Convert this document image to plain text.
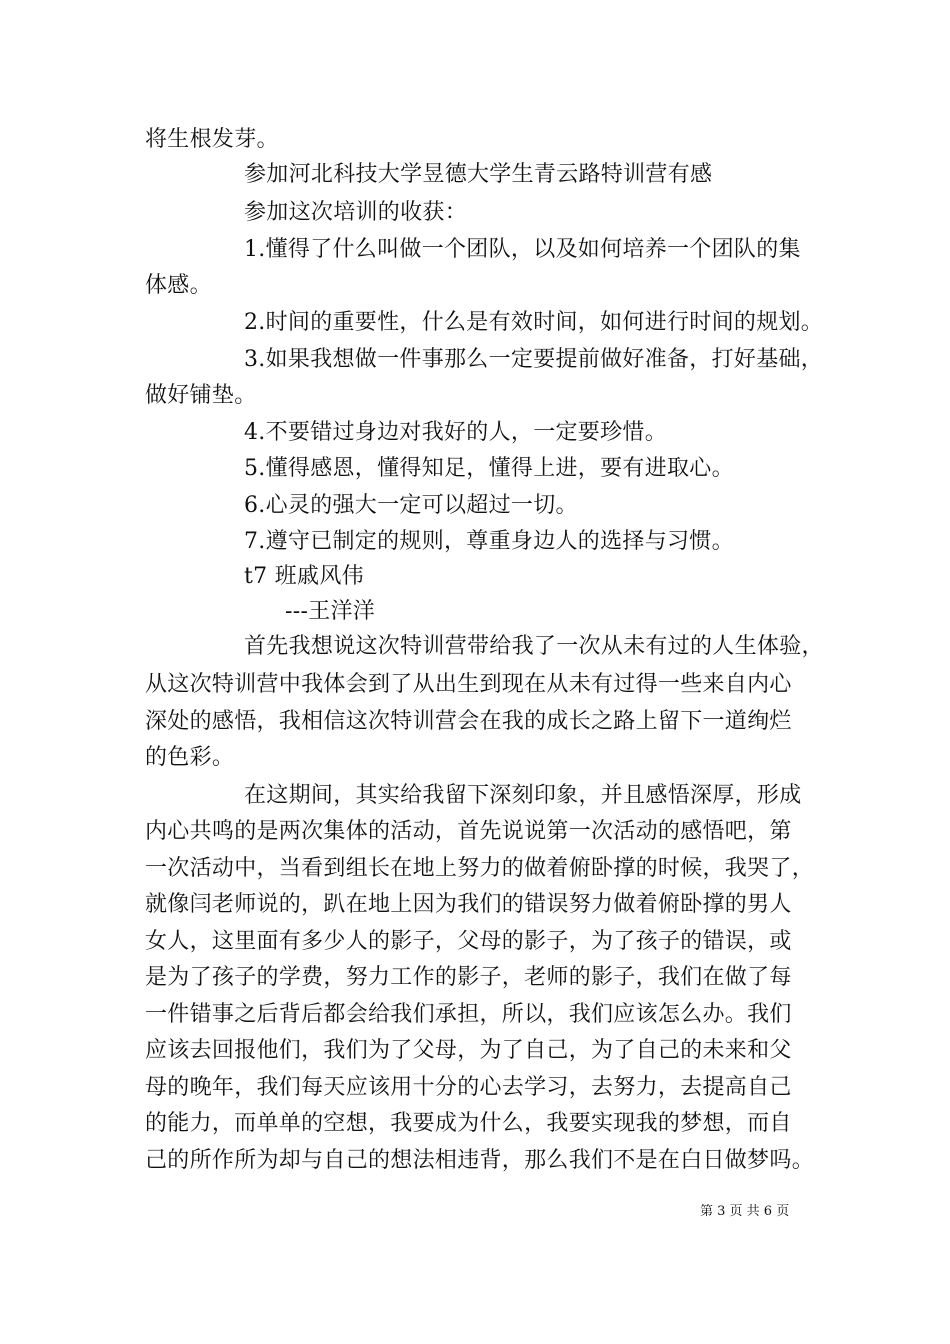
将生根发芽。
参加河北科技大学昱德大学生青云路特训营有感
参加这次培训的收获：
1.懂得了什么叫做一个团队，以及如何培养一个团队的集
体感。
2.时间的重要性，什么是有效时间，如何进行时间的规划。
3.如果我想做一件事那么一定要提前做好准备，打好基础，
做好铺垫。
4.不要错过身边对我好的人，一定要珍惜。
5.懂得感恩，懂得知足，懂得上进，要有进取心。
6.心灵的强大一定可以超过一切。
7.遵守已制定的规则，尊重身边人的选择与习惯。
t7 班戚风伟
---王洋洋
首先我想说这次特训营带给我了一次从未有过的人生体验，
从这次特训营中我体会到了从出生到现在从未有过得一些来自内心
深处的感悟，我相信这次特训营会在我的成长之路上留下一道绚烂
的色彩。
在这期间，其实给我留下深刻印象，并且感悟深厚，形成
内心共鸣的是两次集体的活动，首先说说第一次活动的感悟吧，第
一次活动中，当看到组长在地上努力的做着俯卧撑的时候，我哭了，
就像闫老师说的，趴在地上因为我们的错误努力做着俯卧撑的男人
女人，这里面有多少人的影子，父母的影子，为了孩子的错误，或
是为了孩子的学费，努力工作的影子，老师的影子，我们在做了每
一件错事之后背后都会给我们承担，所以，我们应该怎么办。我们
应该去回报他们，我们为了父母，为了自己，为了自己的未来和父
母的晚年，我们每天应该用十分的心去学习，去努力，去提高自己
的能力，而单单的空想，我要成为什么，我要实现我的梦想，而自
己的所作所为却与自己的想法相违背，那么我们不是在白日做梦吗。
第 3 页 共 6 页
